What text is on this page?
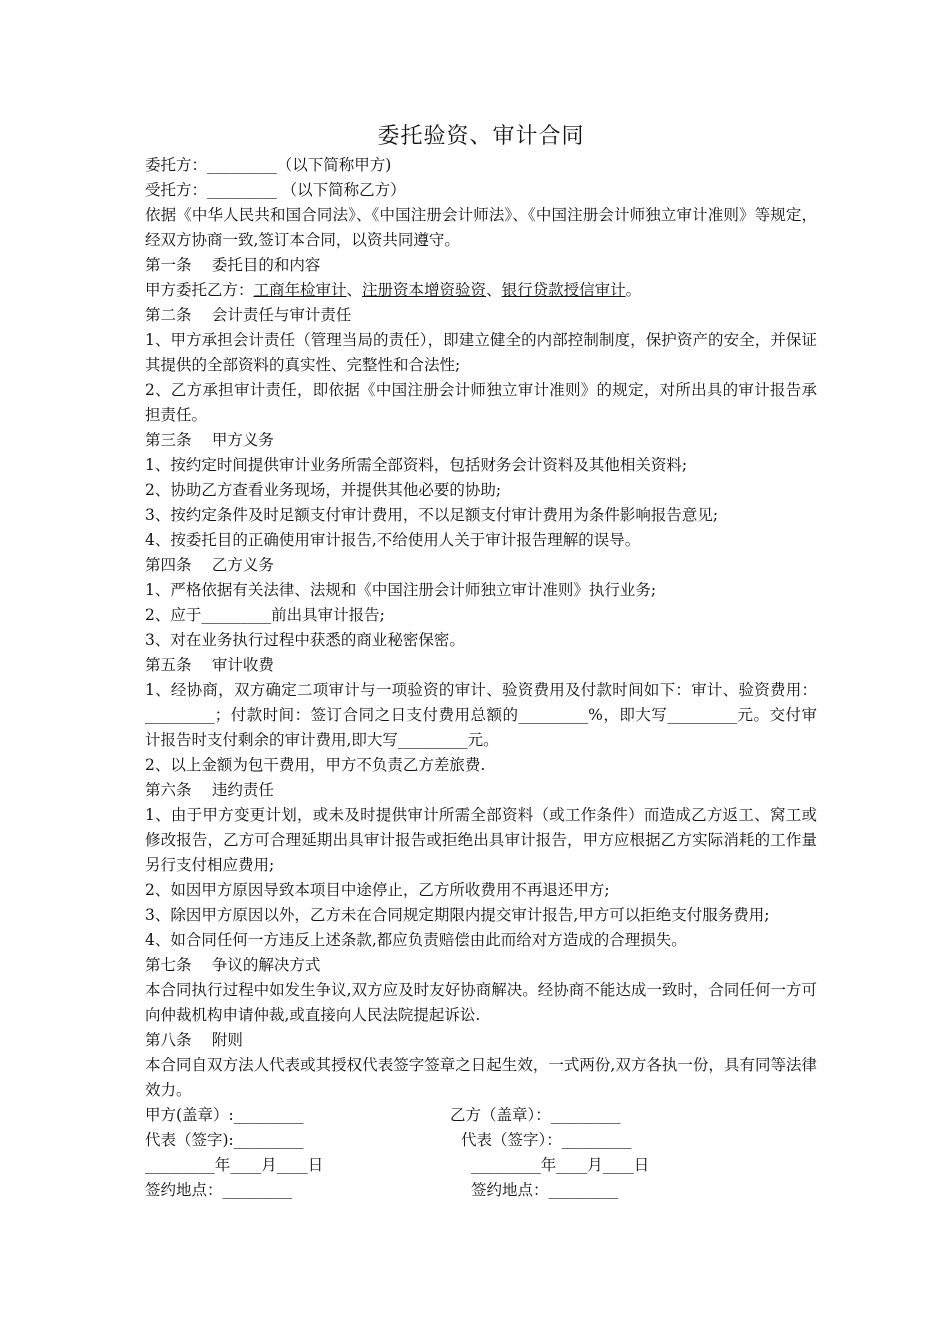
委托验资、审计合同

委托方：_________（以下简称甲方)

受托方：_________ （以下简称乙方）

依据《中华人民共和国合同法》、《中国注册会计师法》、《中国注册会计师独立审计准则》等规定，经双方协商一致,签订本合同，以资共同遵守。

第一条　 委托目的和内容

甲方委托乙方：工商年检审计、注册资本增资验资、银行贷款授信审计。

第二条　 会计责任与审计责任

1、甲方承担会计责任（管理当局的责任），即建立健全的内部控制制度，保护资产的安全，并保证其提供的全部资料的真实性、完整性和合法性;

2、乙方承担审计责任，即依据《中国注册会计师独立审计准则》的规定，对所出具的审计报告承担责任。

第三条　 甲方义务

1、按约定时间提供审计业务所需全部资料，包括财务会计资料及其他相关资料;

2、协助乙方查看业务现场，并提供其他必要的协助;

3、按约定条件及时足额支付审计费用，不以足额支付审计费用为条件影响报告意见;

4、按委托目的正确使用审计报告,不给使用人关于审计报告理解的误导。

第四条　 乙方义务

1、严格依据有关法律、法规和《中国注册会计师独立审计准则》执行业务;

2、应于_________前出具审计报告;

3、对在业务执行过程中获悉的商业秘密保密。

第五条　 审计收费

1、经协商，双方确定二项审计与一项验资的审计、验资费用及付款时间如下：审计、验资费用：_________；付款时间：签订合同之日支付费用总额的_________%，即大写_________元。交付审计报告时支付剩余的审计费用,即大写_________元。

2、以上金额为包干费用，甲方不负责乙方差旅费.

第六条　 违约责任

1、由于甲方变更计划，或未及时提供审计所需全部资料（或工作条件）而造成乙方返工、窝工或修改报告，乙方可合理延期出具审计报告或拒绝出具审计报告，甲方应根据乙方实际消耗的工作量另行支付相应费用;

2、如因甲方原因导致本项目中途停止，乙方所收费用不再退还甲方;

3、除因甲方原因以外，乙方未在合同规定期限内提交审计报告,甲方可以拒绝支付服务费用;

4、如合同任何一方违反上述条款,都应负责赔偿由此而给对方造成的合理损失。

第七条　 争议的解决方式

本合同执行过程中如发生争议,双方应及时友好协商解决。经协商不能达成一致时，合同任何一方可向仲裁机构申请仲裁,或直接向人民法院提起诉讼.

第八条　 附则

本合同自双方法人代表或其授权代表签字签章之日起生效，一式两份,双方各执一份，具有同等法律效力。

甲方(盖章）:_________	乙方（盖章）：_________
代表（签字):_________	代表（签字）：_________
_________年____月____日	_________年____月____日
签约地点：_________	签约地点：_________
